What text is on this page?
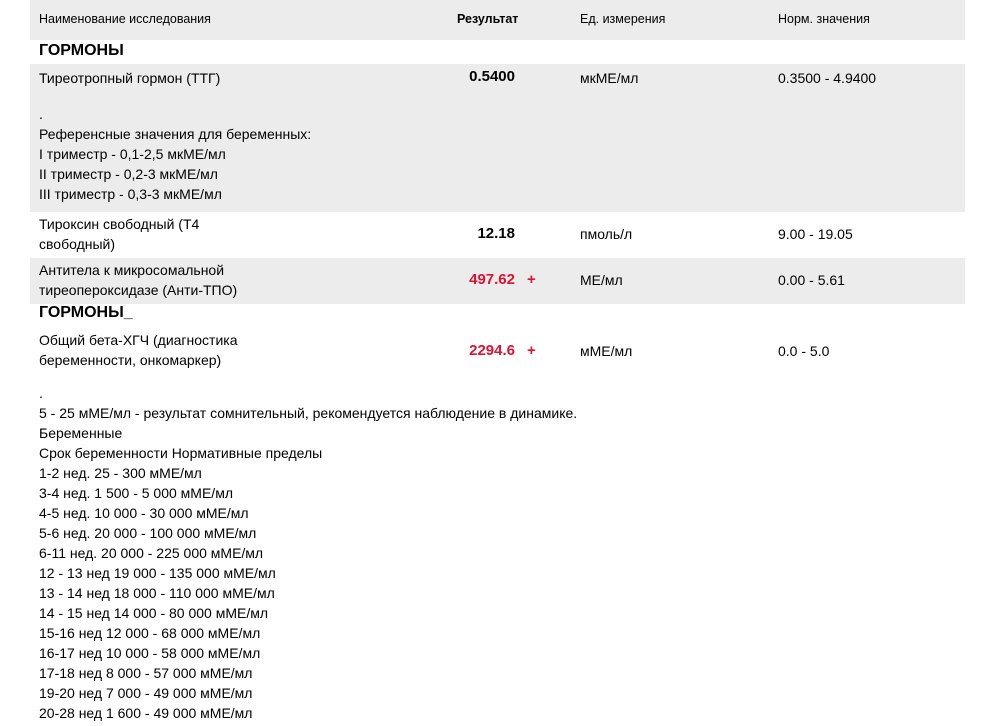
Наименование исследования	Результат	Ед. измерения	Норм. значения
ГОРМОНЫ
Тиреотропный гормон (ТТГ)	0.5400	мкМЕ/мл	0.3500 - 4.9400
.
Референсные значения для беременных:
I триместр - 0,1-2,5 мкМЕ/мл
II триместр - 0,2-3 мкМЕ/мл
III триместр - 0,3-3 мкМЕ/мл
Тироксин свободный (Т4
свободный)
12.18	пмоль/л	9.00 - 19.05
Антитела к микросомальной
тиреопероксидазе (Анти-ТПО)
497.62 +	МЕ/мл	0.00 - 5.61
ГОРМОНЫ_
Общий бета-ХГЧ (диагностика
беременности, онкомаркер)
2294.6 +	мМЕ/мл	0.0 - 5.0
.
5 - 25 мМЕ/мл - результат сомнительный, рекомендуется наблюдение в динамике.
Беременные
Срок беременности Нормативные пределы
1-2 нед. 25 - 300 мМЕ/мл
3-4 нед. 1 500 - 5 000 мМЕ/мл
4-5 нед. 10 000 - 30 000 мМЕ/мл
5-6 нед. 20 000 - 100 000 мМЕ/мл
6-11 нед. 20 000 - 225 000 мМЕ/мл
12 - 13 нед 19 000 - 135 000 мМЕ/мл
13 - 14 нед 18 000 - 110 000 мМЕ/мл
14 - 15 нед 14 000 - 80 000 мМЕ/мл
15-16 нед 12 000 - 68 000 мМЕ/мл
16-17 нед 10 000 - 58 000 мМЕ/мл
17-18 нед 8 000 - 57 000 мМЕ/мл
19-20 нед 7 000 - 49 000 мМЕ/мл
20-28 нед 1 600 - 49 000 мМЕ/мл
